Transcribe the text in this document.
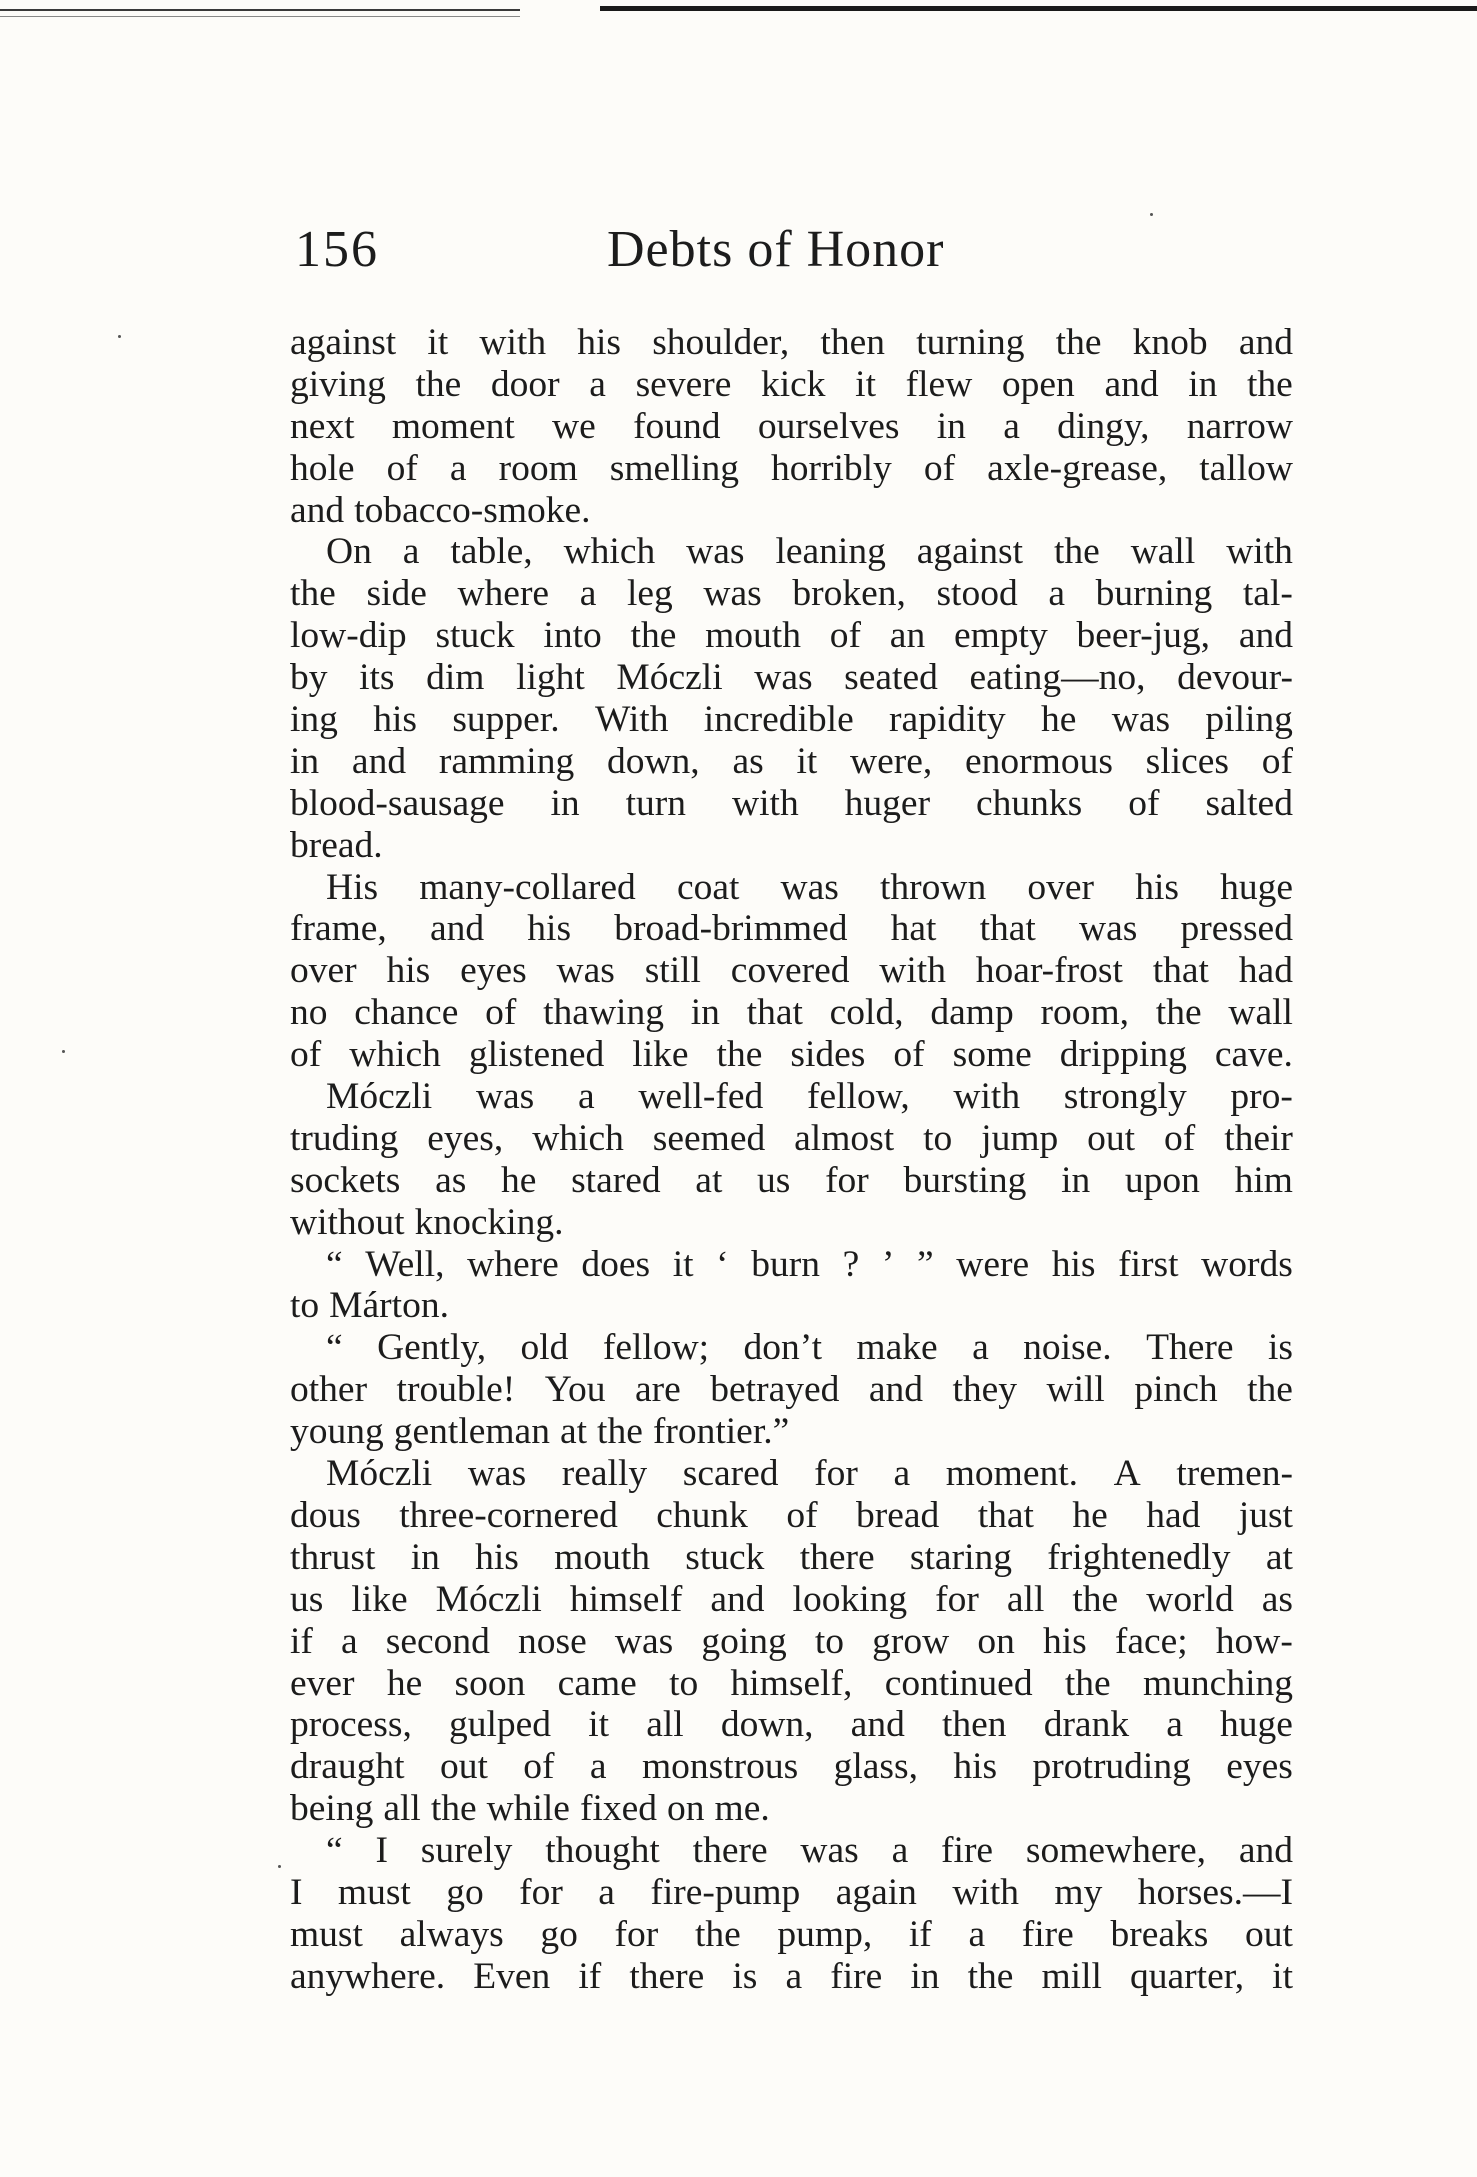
156	Debts of Honor
against it with his shoulder, then turning the knob and
giving the door a severe kick it flew open and in the
next moment we found ourselves in a dingy, narrow
hole of a room smelling horribly of axle-grease, tallow
and tobacco-smoke.
On a table, which was leaning against the wall with
the side where a leg was broken, stood a burning tal-
low-dip stuck into the mouth of an empty beer-jug, and
by its dim light Móczli was seated eating—no, devour-
ing his supper. With incredible rapidity he was piling
in and ramming down, as it were, enormous slices of
blood-sausage in turn with huger chunks of salted
bread.
His many-collared coat was thrown over his huge
frame, and his broad-brimmed hat that was pressed
over his eyes was still covered with hoar-frost that had
no chance of thawing in that cold, damp room, the wall
of which glistened like the sides of some dripping cave.
Móczli was a well-fed fellow, with strongly pro-
truding eyes, which seemed almost to jump out of their
sockets as he stared at us for bursting in upon him
without knocking.
“ Well, where does it ‘ burn ? ’ ” were his first words
to Márton.
“ Gently, old fellow; don’t make a noise. There is
other trouble! You are betrayed and they will pinch the
young gentleman at the frontier.”
Móczli was really scared for a moment. A tremen-
dous three-cornered chunk of bread that he had just
thrust in his mouth stuck there staring frightenedly at
us like Móczli himself and looking for all the world as
if a second nose was going to grow on his face; how-
ever he soon came to himself, continued the munching
process, gulped it all down, and then drank a huge
draught out of a monstrous glass, his protruding eyes
being all the while fixed on me.
“ I surely thought there was a fire somewhere, and
I must go for a fire-pump again with my horses.—I
must always go for the pump, if a fire breaks out
anywhere. Even if there is a fire in the mill quarter, it
